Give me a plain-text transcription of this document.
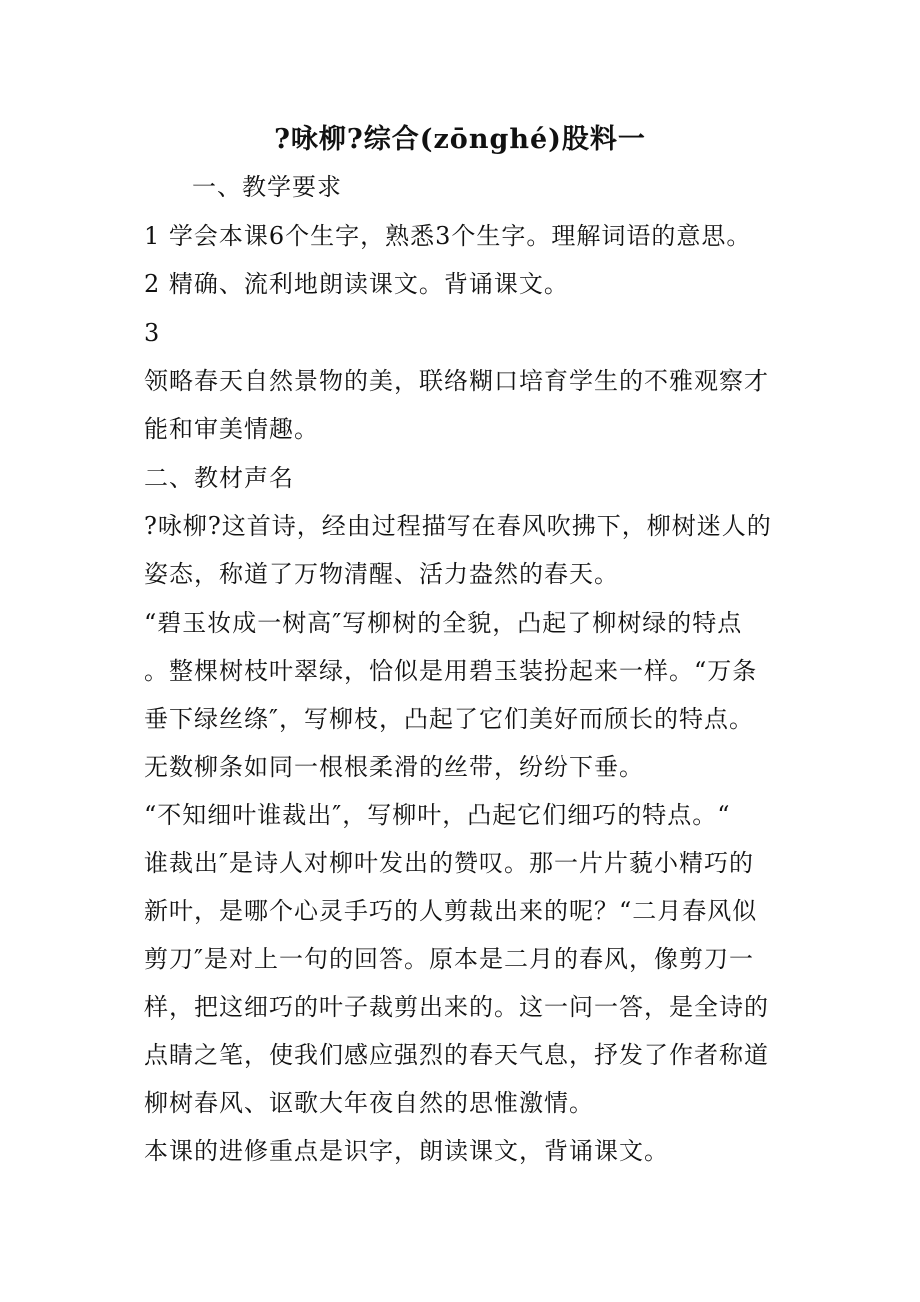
?咏柳?综合(zōnghé)股料一
一、教学要求
1 学会本课6个生字，熟悉3个生字。理解词语的意思。
2 精确、流利地朗读课文。背诵课文。
3
领略春天自然景物的美，联络糊口培育学生的不雅观察才
能和审美情趣。
二、教材声名
?咏柳?这首诗，经由过程描写在春风吹拂下，柳树迷人的
姿态，称道了万物清醒、活力盎然的春天。
“碧玉妆成一树高″写柳树的全貌，凸起了柳树绿的特点
。整棵树枝叶翠绿，恰似是用碧玉装扮起来一样。“万条
垂下绿丝绦″，写柳枝，凸起了它们美好而颀长的特点。
无数柳条如同一根根柔滑的丝带，纷纷下垂。
“不知细叶谁裁出″，写柳叶，凸起它们细巧的特点。“
谁裁出″是诗人对柳叶发出的赞叹。那一片片藐小精巧的
新叶，是哪个心灵手巧的人剪裁出来的呢？“二月春风似
剪刀″是对上一句的回答。原本是二月的春风，像剪刀一
样，把这细巧的叶子裁剪出来的。这一问一答，是全诗的
点睛之笔，使我们感应强烈的春天气息，抒发了作者称道
柳树春风、讴歌大年夜自然的思惟激情。
本课的进修重点是识字，朗读课文，背诵课文。
